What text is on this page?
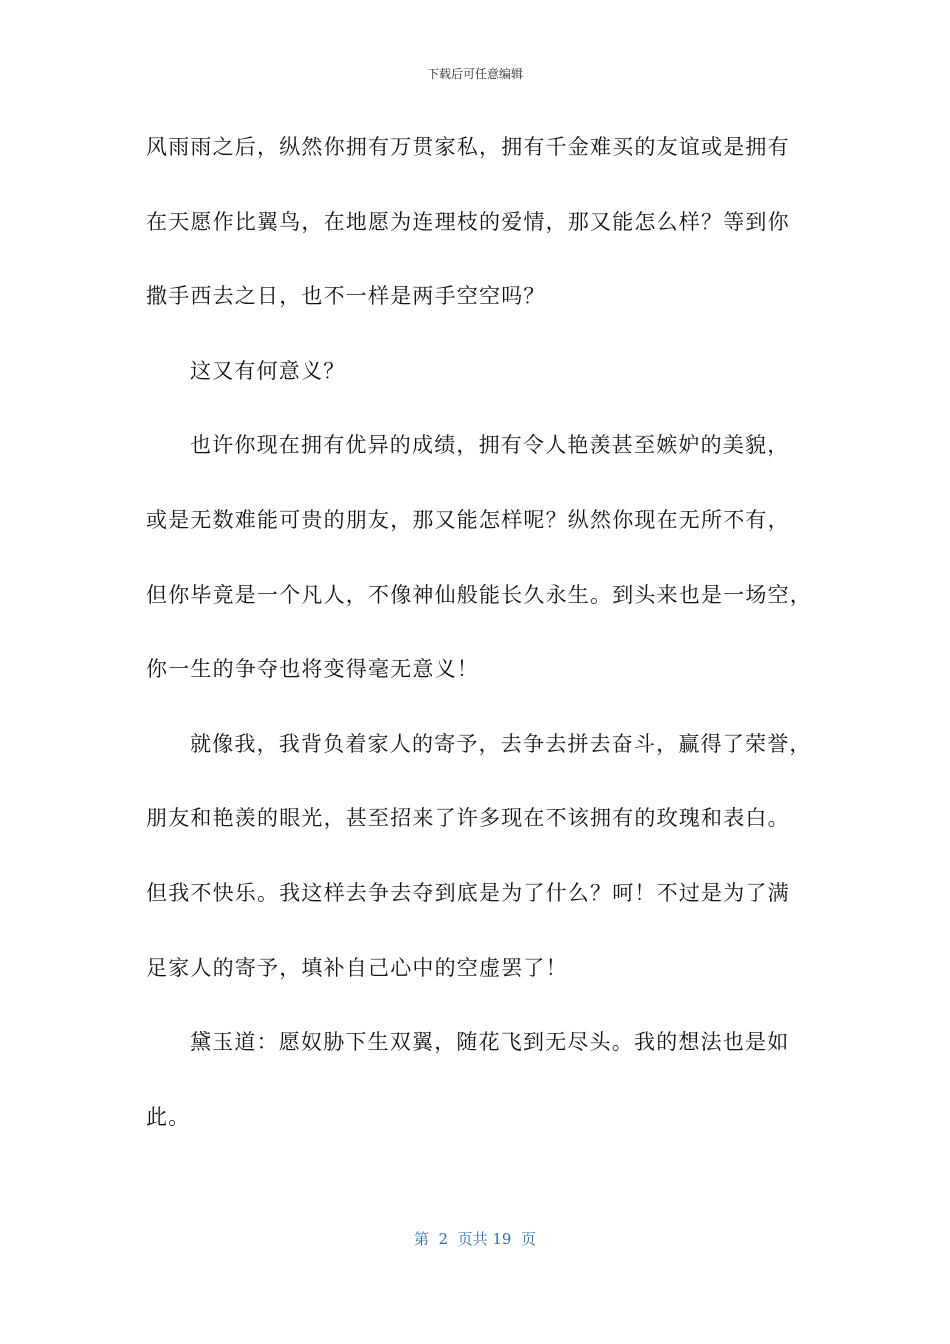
下载后可任意编辑
风雨雨之后，纵然你拥有万贯家私，拥有千金难买的友谊或是拥有
在天愿作比翼鸟，在地愿为连理枝的爱情，那又能怎么样？等到你
撒手西去之日，也不一样是两手空空吗？
这又有何意义？
也许你现在拥有优异的成绩，拥有令人艳羡甚至嫉妒的美貌，
或是无数难能可贵的朋友，那又能怎样呢？纵然你现在无所不有，
但你毕竟是一个凡人，不像神仙般能长久永生。到头来也是一场空，
你一生的争夺也将变得毫无意义！
就像我，我背负着家人的寄予，去争去拼去奋斗，赢得了荣誉，
朋友和艳羡的眼光，甚至招来了许多现在不该拥有的玫瑰和表白。
但我不快乐。我这样去争去夺到底是为了什么？呵！不过是为了满
足家人的寄予，填补自己心中的空虚罢了！
黛玉道：愿奴胁下生双翼，随花飞到无尽头。我的想法也是如
此。
第  2  页共 19  页
